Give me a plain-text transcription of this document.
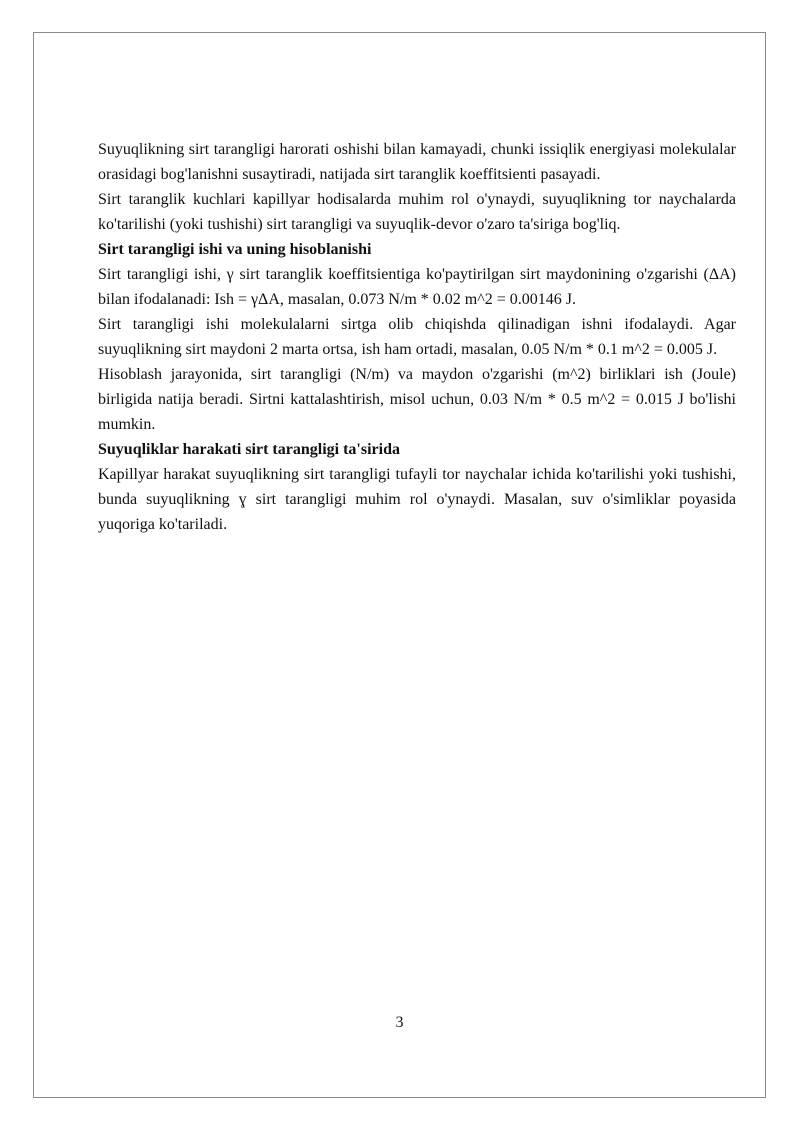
Suyuqlikning sirt tarangligi harorati oshishi bilan kamayadi, chunki issiqlik energiyasi molekulalar orasidagi bog'lanishni susaytiradi, natijada sirt taranglik koeffitsienti pasayadi.

Sirt taranglik kuchlari kapillyar hodisalarda muhim rol o'ynaydi, suyuqlikning tor naychalarda ko'tarilishi (yoki tushishi) sirt tarangligi va suyuqlik-devor o'zaro ta'siriga bog'liq.

Sirt tarangligi ishi va uning hisoblanishi

Sirt tarangligi ishi, γ sirt taranglik koeffitsientiga ko'paytirilgan sirt maydonining o'zgarishi (ΔA) bilan ifodalanadi: Ish = γΔA, masalan, 0.073 N/m * 0.02 m^2 = 0.00146 J.

Sirt tarangligi ishi molekulalarni sirtga olib chiqishda qilinadigan ishni ifodalaydi. Agar suyuqlikning sirt maydoni 2 marta ortsa, ish ham ortadi, masalan, 0.05 N/m * 0.1 m^2 = 0.005 J.

Hisoblash jarayonida, sirt tarangligi (N/m) va maydon o'zgarishi (m^2) birliklari ish (Joule) birligida natija beradi. Sirtni kattalashtirish, misol uchun, 0.03 N/m * 0.5 m^2 = 0.015 J bo'lishi mumkin.

Suyuqliklar harakati sirt tarangligi ta'sirida

Kapillyar harakat suyuqlikning sirt tarangligi tufayli tor naychalar ichida ko'tarilishi yoki tushishi, bunda suyuqlikning ɣ sirt tarangligi muhim rol o'ynaydi. Masalan, suv o'simliklar poyasida yuqoriga ko'tariladi.

3
